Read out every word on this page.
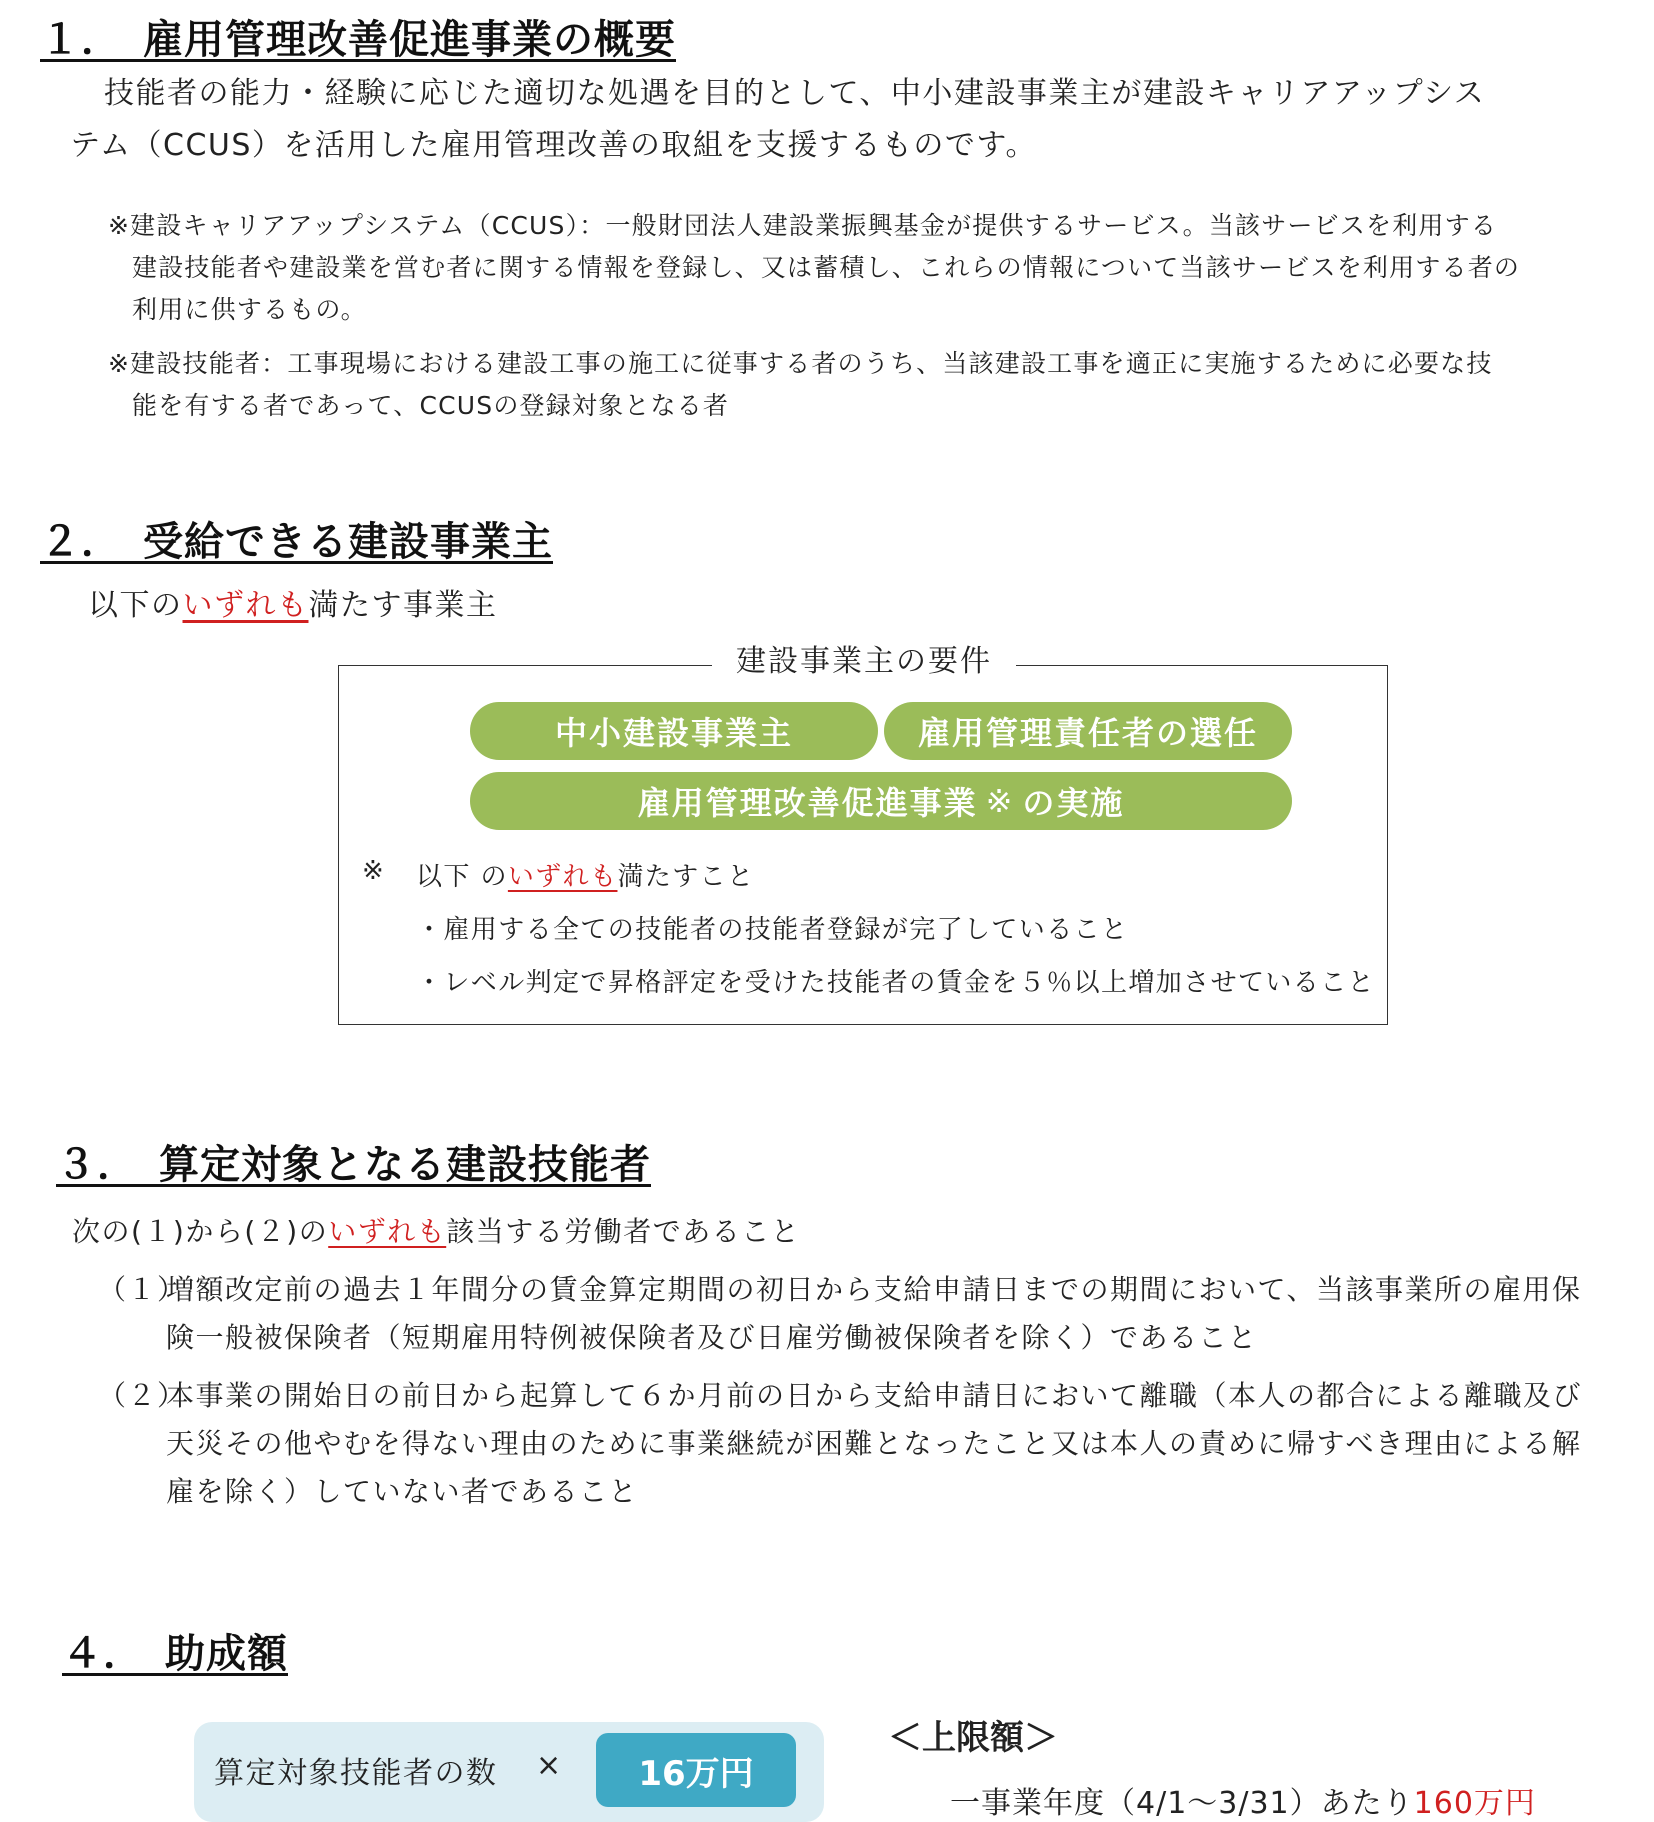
１．　雇用管理改善促進事業の概要
技能者の能力・経験に応じた適切な処遇を目的として、中小建設事業主が建設キャリアアップシス
テム（CCUS）を活用した雇用管理改善の取組を支援するものです。
※建設キャリアアップシステム（CCUS）：一般財団法人建設業振興基金が提供するサービス。当該サービスを利用する
建設技能者や建設業を営む者に関する情報を登録し、又は蓄積し、これらの情報について当該サービスを利用する者の
利用に供するもの。
※建設技能者：工事現場における建設工事の施工に従事する者のうち、当該建設工事を適正に実施するために必要な技
能を有する者であって、CCUSの登録対象となる者
２．　受給できる建設事業主
以下のいずれも満たす事業主
建設事業主の要件
中小建設事業主	雇用管理責任者の選任
雇用管理改善促進事業 ※ の実施
※ 以下 のいずれも満たすこと
・雇用する全ての技能者の技能者登録が完了していること
・レベル判定で昇格評定を受けた技能者の賃金を５％以上増加させていること
３．　算定対象となる建設技能者
次の(１)から(２)のいずれも該当する労働者であること
（１）
増額改定前の過去１年間分の賃金算定期間の初日から支給申請日までの期間において、当該事業所の雇用保
険一般被保険者（短期雇用特例被保険者及び日雇労働被保険者を除く）であること
（２）
本事業の開始日の前日から起算して６か月前の日から支給申請日において離職（本人の都合による離職及び
天災その他やむを得ない理由のために事業継続が困難となったこと又は本人の責めに帰すべき理由による解
雇を除く）していない者であること
４．　助成額
算定対象技能者の数 × 16万円
＜上限額＞
一事業年度（4/1～3/31）あたり160万円
